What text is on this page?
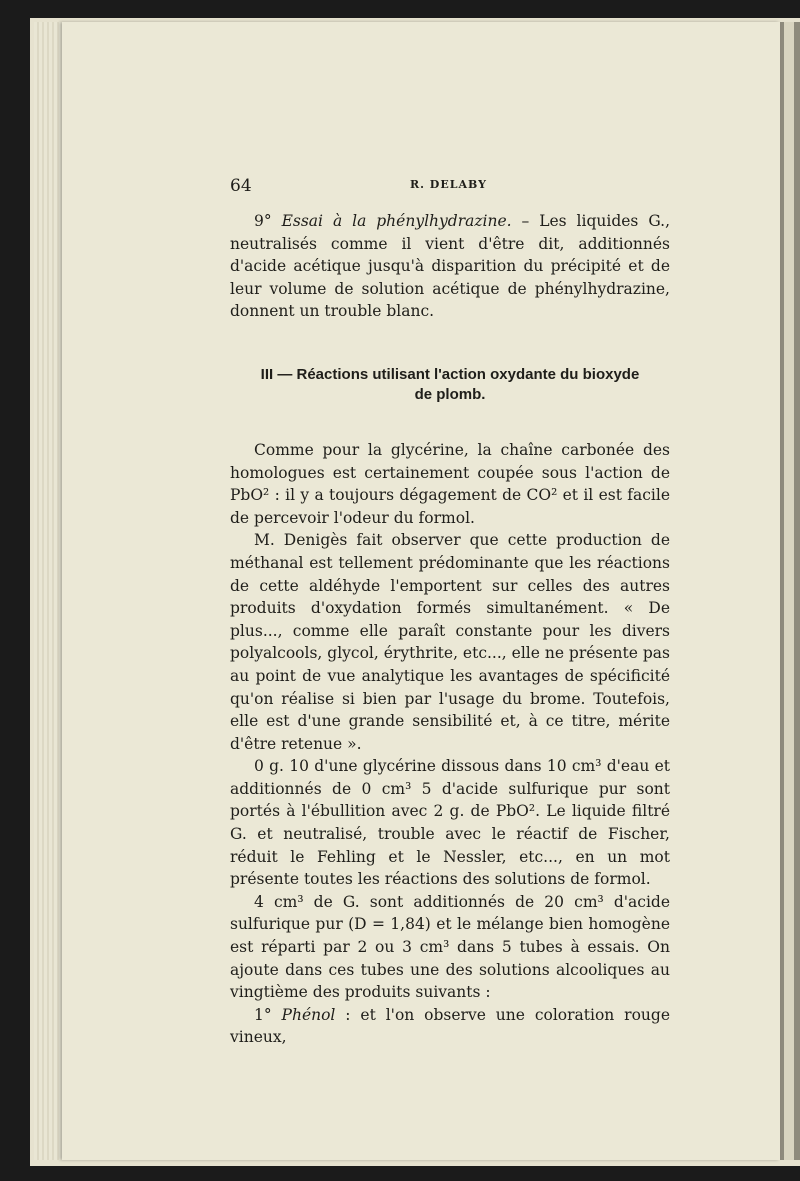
64	R. DELABY

9° Essai à la phénylhydrazine. – Les liquides G., neutralisés comme il vient d'être dit, additionnés d'acide acétique jusqu'à disparition du précipité et de leur volume de solution acétique de phénylhydrazine, donnent un trouble blanc.

III — Réactions utilisant l'action oxydante du bioxyde
de plomb.

Comme pour la glycérine, la chaîne carbonée des homologues est certainement coupée sous l'action de PbO² : il y a toujours dégagement de CO² et il est facile de percevoir l'odeur du formol.

M. Denigès fait observer que cette production de méthanal est tellement prédominante que les réactions de cette aldéhyde l'emportent sur celles des autres produits d'oxydation formés simultanément. « De plus..., comme elle paraît constante pour les divers polyalcools, glycol, érythrite, etc..., elle ne présente pas au point de vue analytique les avantages de spécificité qu'on réalise si bien par l'usage du brome. Toutefois, elle est d'une grande sensibilité et, à ce titre, mérite d'être retenue ».

0 g. 10 d'une glycérine dissous dans 10 cm³ d'eau et additionnés de 0 cm³ 5 d'acide sulfurique pur sont portés à l'ébullition avec 2 g. de PbO². Le liquide filtré G. et neutralisé, trouble avec le réactif de Fischer, réduit le Fehling et le Nessler, etc..., en un mot présente toutes les réactions des solutions de formol.

4 cm³ de G. sont additionnés de 20 cm³ d'acide sulfurique pur (D = 1,84) et le mélange bien homogène est réparti par 2 ou 3 cm³ dans 5 tubes à essais. On ajoute dans ces tubes une des solutions alcooliques au vingtième des produits suivants :

1° Phénol : et l'on observe une coloration rouge vineux,
